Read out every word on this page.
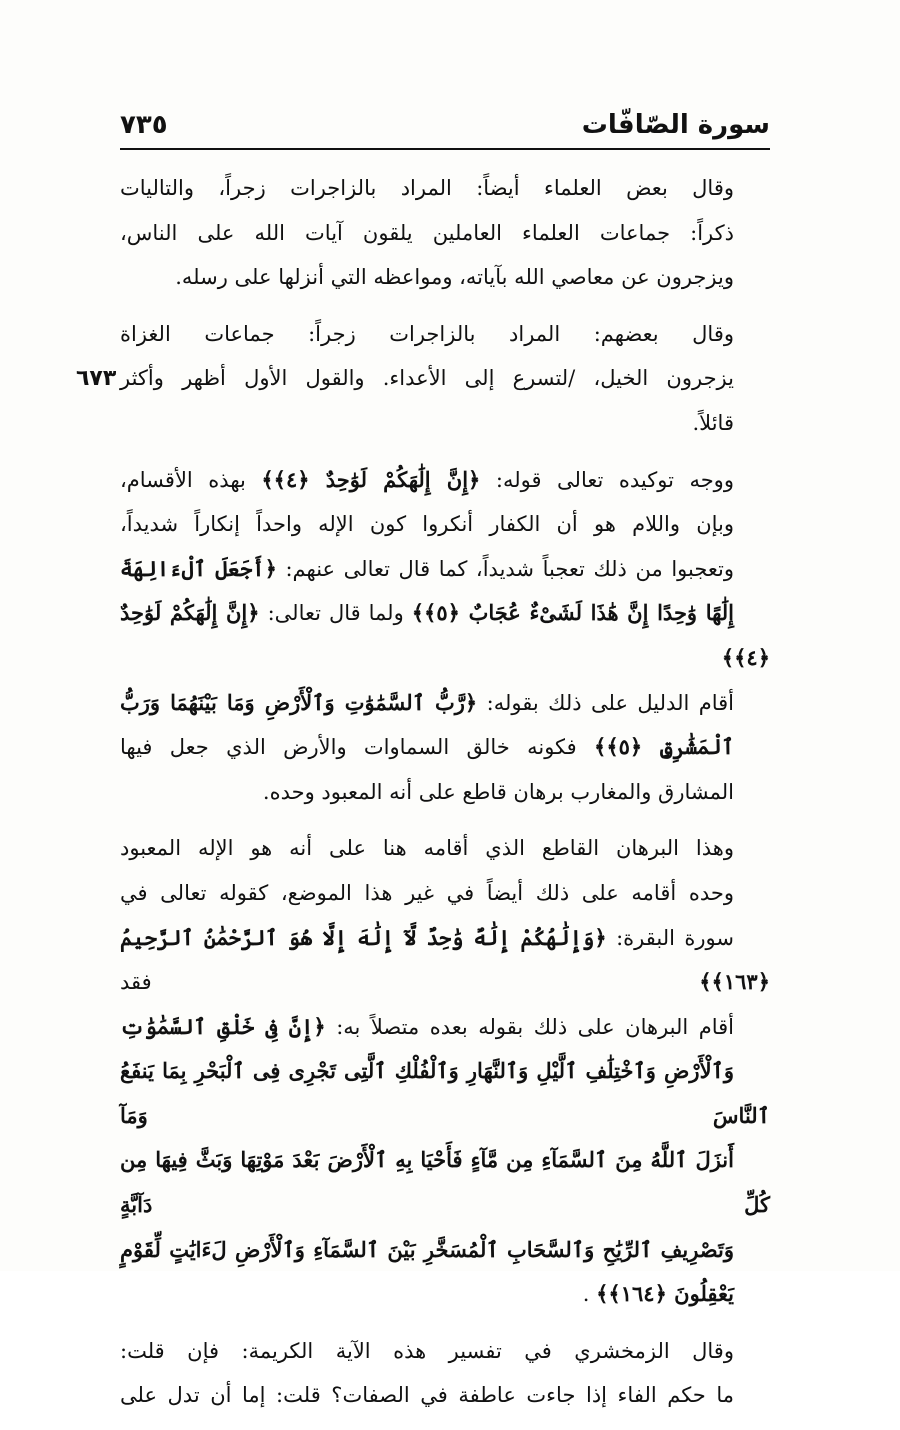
سورة الصّافّات
٧٣٥
٦٧٣

وقال بعض العلماء أيضاً: المراد بالزاجرات زجراً، والتاليات
ذكراً: جماعات العلماء العاملين يلقون آيات الله على الناس،
ويزجرون عن معاصي الله بآياته، ومواعظه التي أنزلها على رسله.

وقال بعضهم: المراد بالزاجرات زجراً: جماعات الغزاة
يزجرون الخيل، /لتسرع إلى الأعداء. والقول الأول أظهر وأكثر
قائلاً.

ووجه توكيده تعالى قوله: ﴿إِنَّ إِلَٰهَكُمْ لَوَٰحِدٌ ﴿٤﴾﴾ بهذه الأقسام،
وبإن واللام هو أن الكفار أنكروا كون الإله واحداً إنكاراً شديداً،
وتعجبوا من ذلك تعجباً شديداً، كما قال تعالى عنهم: ﴿أَجَعَلَ ٱلْءَالِهَةَ
إِلَٰهًا وَٰحِدًا إِنَّ هَٰذَا لَشَىْءٌ عُجَابٌ ﴿٥﴾﴾ ولما قال تعالى: ﴿إِنَّ إِلَٰهَكُمْ لَوَٰحِدٌ ﴿٤﴾﴾
أقام الدليل على ذلك بقوله: ﴿رَّبُّ ٱلسَّمَٰوَٰتِ وَٱلْأَرْضِ وَمَا بَيْنَهُمَا وَرَبُّ
ٱلْمَشَٰرِقِ ﴿٥﴾﴾ فكونه خالق السماوات والأرض الذي جعل فيها
المشارق والمغارب برهان قاطع على أنه المعبود وحده.

وهذا البرهان القاطع الذي أقامه هنا على أنه هو الإله المعبود
وحده أقامه على ذلك أيضاً في غير هذا الموضع، كقوله تعالى في
سورة البقرة: ﴿وَإِلَٰهُكُمْ إِلَٰهٌ وَٰحِدٌ لَّآ إِلَٰهَ إِلَّا هُوَ ٱلرَّحْمَٰنُ ٱلرَّحِيمُ ﴿١٦٣﴾﴾ فقد
أقام البرهان على ذلك بقوله بعده متصلاً به: ﴿إِنَّ فِى خَلْقِ ٱلسَّمَٰوَٰتِ
وَٱلْأَرْضِ وَٱخْتِلَٰفِ ٱلَّيْلِ وَٱلنَّهَارِ وَٱلْفُلْكِ ٱلَّتِى تَجْرِى فِى ٱلْبَحْرِ بِمَا يَنفَعُ ٱلنَّاسَ وَمَآ
أَنزَلَ ٱللَّهُ مِنَ ٱلسَّمَآءِ مِن مَّآءٍ فَأَحْيَا بِهِ ٱلْأَرْضَ بَعْدَ مَوْتِهَا وَبَثَّ فِيهَا مِن كُلِّ دَآبَّةٍ
وَتَصْرِيفِ ٱلرِّيَٰحِ وَٱلسَّحَابِ ٱلْمُسَخَّرِ بَيْنَ ٱلسَّمَآءِ وَٱلْأَرْضِ لَءَايَٰتٍ لِّقَوْمٍ
يَعْقِلُونَ ﴿١٦٤﴾﴾ .

وقال الزمخشري في تفسير هذه الآية الكريمة: فإن قلت:
ما حكم الفاء إذا جاءت عاطفة في الصفات؟ قلت: إما أن تدل على
